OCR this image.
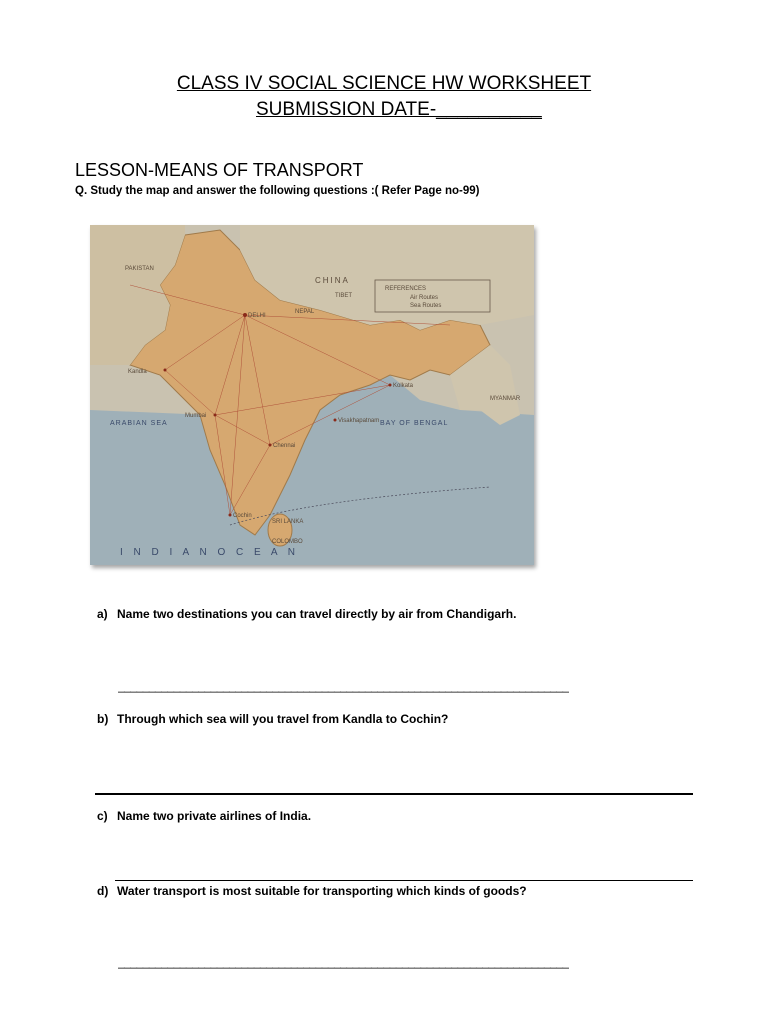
CLASS IV SOCIAL SCIENCE HW WORKSHEET
SUBMISSION DATE-__________
LESSON-MEANS OF TRANSPORT
Q. Study the map and answer the following questions :( Refer Page no-99)
PAKISTAN
CHINA
TIBET
NEPAL
REFERENCES
Air Routes
Sea Routes
MYANMAR
ARABIAN SEA	BAY OF BENGAL
SRI LANKA
COLOMBO
I N D I A N O C E A N
DELHI
Kandla
Kolkata
Mumbai
Chennai
Cochin
Visakhapatnam
a) Name two destinations you can travel directly by air from Chandigarh.
_________________________________________________________________________
b) Through which sea will you travel from Kandla to Cochin?
c) Name two private airlines of India.
d) Water transport is most suitable for transporting which kinds of goods?
_________________________________________________________________________
